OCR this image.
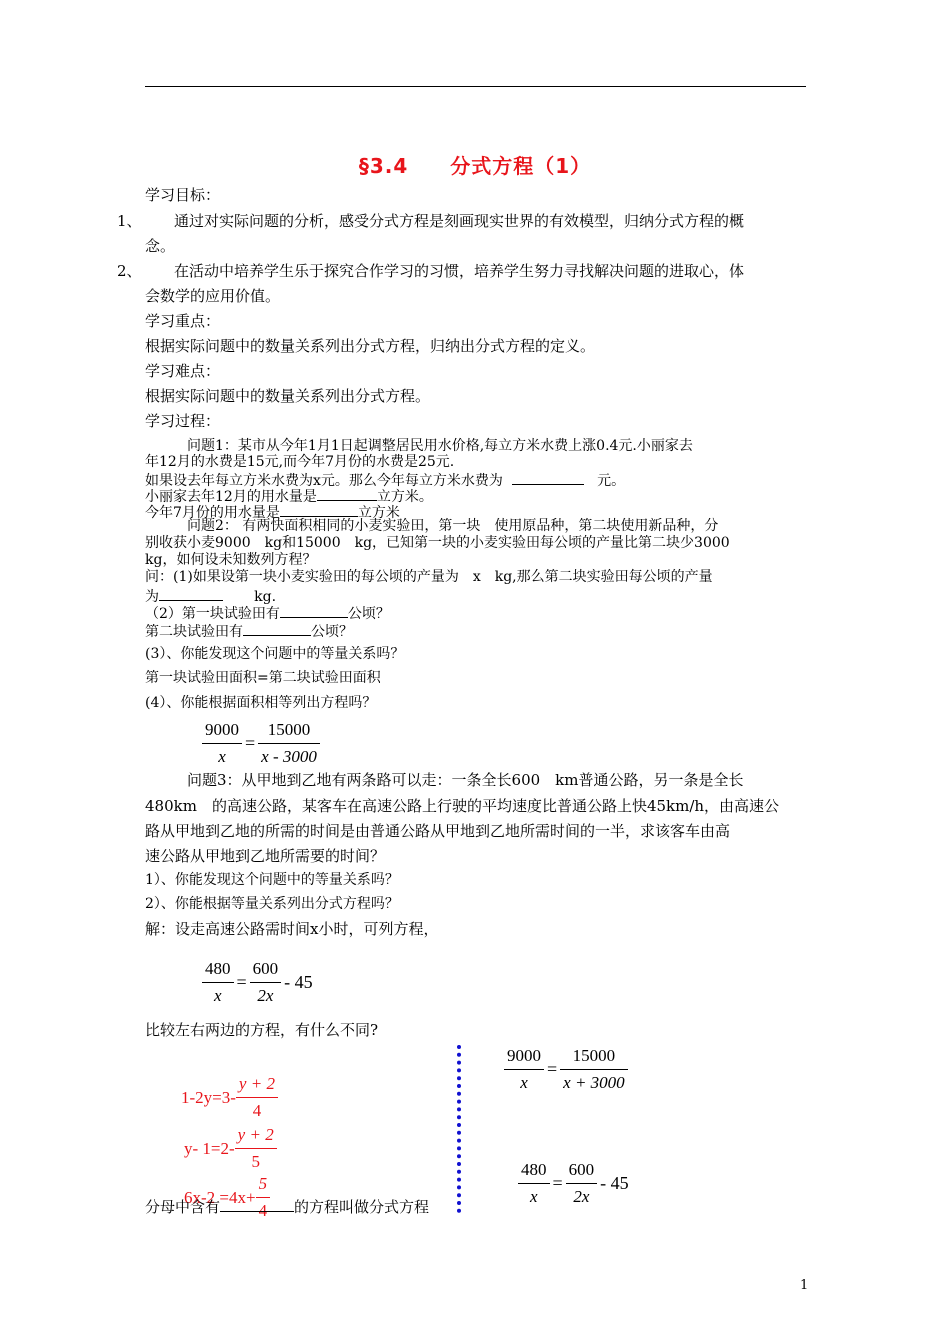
§3.4　　分式方程（1）
学习目标：
1、 通过对实际问题的分析，感受分式方程是刻画现实世界的有效模型，归纳分式方程的概
念。
2、 在活动中培养学生乐于探究合作学习的习惯，培养学生努力寻找解决问题的进取心，体
会数学的应用价值。
学习重点：
根据实际问题中的数量关系列出分式方程，归纳出分式方程的定义。
学习难点：
根据实际问题中的数量关系列出分式方程。
学习过程：
问题1：某市从今年1月1日起调整居民用水价格,每立方米水费上涨0.4元.小丽家去
年12月的水费是15元,而今年7月份的水费是25元.
如果设去年每立方米水费为x元。那么今年每立方米水费为	元。
小丽家去年12月的用水量是	立方米。
今年7月份的用水量是	立方米
问题2： 有两快面积相同的小麦实验田，第一块　使用原品种，第二块使用新品种，分
别收获小麦9000　kg和15000　kg，已知第一块的小麦实验田每公顷的产量比第二块少3000
kg，如何设未知数列方程？
问：(1)如果设第一块小麦实验田的每公顷的产量为　x　kg,那么第二块实验田每公顷的产量
为	kg.
（2）第一块试验田有	公顷？
第二块试验田有	公顷？
(3）、你能发现这个问题中的等量关系吗？
第一块试验田面积=第二块试验田面积
(4）、你能根据面积相等列出方程吗？
$\frac{9000}{x} = \frac{15000}{x - 3000}$
问题3：从甲地到乙地有两条路可以走：一条全长600　km普通公路，另一条是全长
480km　的高速公路，某客车在高速公路上行驶的平均速度比普通公路上快45km/h，由高速公
路从甲地到乙地的所需的时间是由普通公路从甲地到乙地所需时间的一半，求该客车由高
速公路从甲地到乙地所需要的时间？
1）、你能发现这个问题中的等量关系吗？
2）、你能根据等量关系列出分式方程吗？
解：设走高速公路需时间x小时，可列方程，
$\frac{480}{x} = \frac{600}{2x} - 45$
比较左右两边的方程，有什么不同?
$1-2y=3- \frac{y + 2}{4}$
y- $1=2- \frac{y + 2}{5}$
$6x-2 =4x+ \frac{5}{4}$
分母中含有	的方程叫做分式方程
$\frac{9000}{x} = \frac{15000}{x + 3000}$
$\frac{480}{x} = \frac{600}{2x} - 45$
1
